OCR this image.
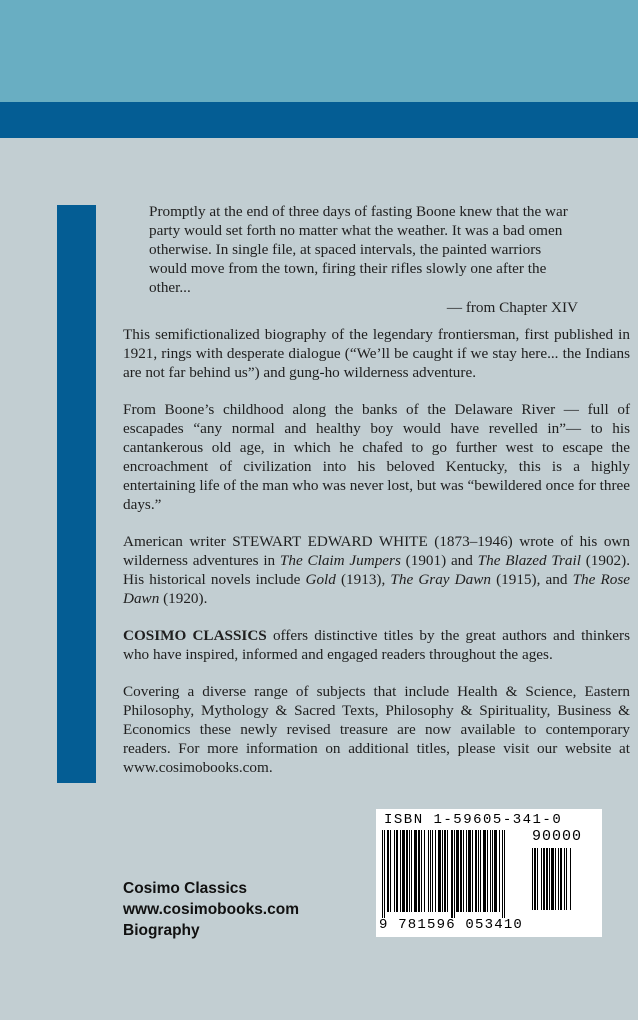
Promptly at the end of three days of fasting Boone knew that the war party would set forth no matter what the weather. It was a bad omen otherwise. In single file, at spaced intervals, the painted warriors would move from the town, firing their rifles slowly one after the other...

— from Chapter XIV

This semifictionalized biography of the legendary frontiersman, first published in 1921, rings with desperate dialogue (“We’ll be caught if we stay here... the Indians are not far behind us”) and gung-ho wilderness adventure.

From Boone’s childhood along the banks of the Delaware River — full of escapades “any normal and healthy boy would have revelled in”— to his cantankerous old age, in which he chafed to go further west to escape the encroachment of civilization into his beloved Kentucky, this is a highly entertaining life of the man who was never lost, but was “bewildered once for three days.”

American writer STEWART EDWARD WHITE (1873–1946) wrote of his own wilderness adventures in The Claim Jumpers (1901) and The Blazed Trail (1902). His historical novels include Gold (1913), The Gray Dawn (1915), and The Rose Dawn (1920).

COSIMO CLASSICS offers distinctive titles by the great authors and thinkers who have inspired, informed and engaged readers throughout the ages.

Covering a diverse range of subjects that include Health & Science, Eastern Philosophy, Mythology & Sacred Texts, Philosophy & Spirituality, Business & Economics these newly revised treasure are now available to contemporary readers. For more information on additional titles, please visit our website at www.cosimobooks.com.

Cosimo Classics
www.cosimobooks.com
Biography
ISBN 1-59605-341-0
90000
9 781596 053410
